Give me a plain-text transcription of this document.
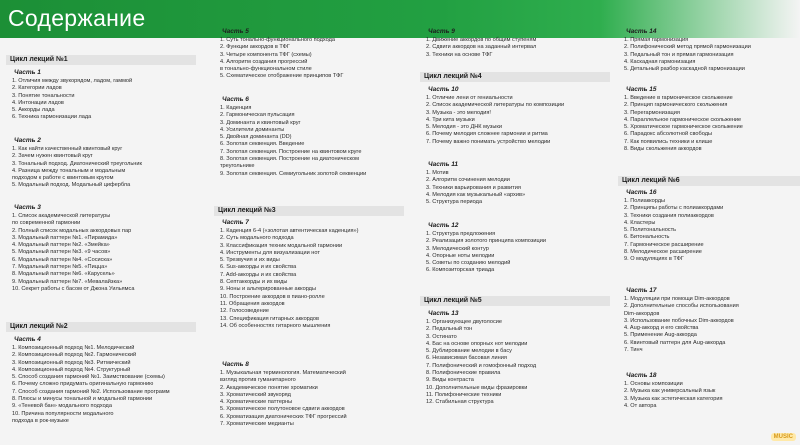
Содержание
Цикл лекций №1
Часть 1
1. Отличия между звукорядом, ладом, гаммой
2. Категории ладов
3. Понятие тональности
4. Интонации ладов
5. Аккорды лада
6. Техника гармонизации лада
Часть 2
1. Как найти качественный квинтовый круг
2. Зачем нужен квинтовый круг
3. Тональный подход. Диатонический треугольник
4. Разница между тональным и модальным
подходом к работе с квинтовым кругом
5. Модальный подход. Модальный цифербла
Часть 3
1. Список академической литературы
по современной гармонии
2. Полный список модальных аккордовых пар
3. Модальный паттерн №1. «Пирамида»
4. Модальный паттерн №2. «Змейка»
5. Модальный паттерн №3. «9 часов»
6. Модальный паттерн №4. «Сосиска»
7. Модальный паттерн №5. «Пицца»
8. Модальный паттерн №6. «Карусель»
9. Модальный паттерн №7. «Мевалайзка»
10. Секрет работы с басом от Джона Уильямса
Цикл лекций №2
Часть 4
1. Композиционный подход №1. Мелодический
2. Композиционный подход №2. Гармонический
3. Композиционный подход №3. Ритмический
4. Композиционный подход №4. Структурный
5. Способ создания гармоний №1. Заимствование (схемы)
6. Почему сложно придумать оригинальную гармонию
7. Способ создания гармоний №2. Использование программ
8. Плюсы и минусы тональной и модальной гармонии
9. «Теневой бан» модального подхода
10. Причина популярности модального
подхода в рок-музыке
Часть 5
1. Суть тонально-функционального подхода
2. Функции аккордов в ТФГ
3. Четыре компонента ТФГ (схемы)
4. Алгоритм создания прогрессий
в тонально-функциональном стиле
5. Схематическое отображение принципов ТФГ
Часть 6
1. Каденция
2. Гармоническая пульсация
3. Доминанта и квинтовый круг
4. Усилители доминанты
5. Двойная доминанта (DD)
6. Золотая секвенция. Введение
7. Золотая секвенция. Построение на квинтовом круге
8. Золотая секвенция. Построение на диатоническом
треугольнике
9. Золотая секвенция. Семиугольник золотой секвенции
Цикл лекций №3
Часть 7
1. Каденция 6-4 («золотая автентическая каденция»)
2. Суть модального подхода
3. Классификация техник модальной гармонии
4. Инструменты для визуализации нот
5. Трезвучия и их виды
6. Sus-аккорды и их свойства
7. Add-аккорды и их свойства
8. Септаккорды и их виды
9. Ноны и альтерированные аккорды
10. Построение аккордов в пиано-ролле
11. Обращения аккордов
12. Голосоведение
13. Спецификация гитарных аккордов
14. Об особенностях гитарного мышления
Часть 8
1. Музыкальная терминология. Математический
взгляд против гуманитарного
2. Академическое понятие хроматики
3. Хроматический звукоряд
4. Хроматические паттерны
5. Хроматическое полутоновое сдвиги аккордов
6. Хроматизация диатонических ТФГ прогрессий
7. Хроматические медианты
Часть 9
1. Движение аккордов по общим ступеням
2. Сдвиги аккордов на заданный интервал
3. Техники на основе ТФГ
Цикл лекций №4
Часть 10
1. Отличие лени от гениальности
2. Список академической литературы по композиции
3. Музыка - это мелодия!
4. Три кита музыки
5. Мелодия - это ДНК музыки
6. Почему мелодия сложнее гармонии и ритма
7. Почему важно понимать устройство мелодии
Часть 11
1. Мотив
2. Алгоритм сочинения мелодии
3. Техники варьирования и развития
4. Мелодия как музыкальный «архив»
5. Структура периода
Часть 12
1. Структура предложения
2. Реализация золотого принципа композиции
3. Мелодический контур
4. Опорные ноты мелодии
5. Советы по созданию мелодий
6. Композиторская триада
Цикл лекций №5
Часть 13
1. Организующее двуголосие
2. Педальный тон
3. Остинато
4. Бас на основе опорных нот мелодии
5. Дублирование мелодии в басу
6. Независимая басовая линия
7. Полифонический и гомофонный подход
8. Полифонические правила
9. Виды контраста
10. Дополнительные виды фразировки
11. Полифонические техники
12. Стабильная структура
Часть 14
1. Прямая гармонизация
2. Полифонический метод прямой гармонизации
3. Педальный тон и прямая гармонизация
4. Каскадная гармонизация
5. Детальный разбор каскадной гармонизации
Часть 15
1. Введение в гармоническое скольжение
2. Принцип гармонического скольжения
3. Перегармонизация
4. Параллельное гармоническое скольжение
5. Хроматическое гармоническое скольжение
6. Парадокс абсолютной свободы
7. Как появились техники и клише
8. Виды скольжения аккордов
Цикл лекций №6
Часть 16
1. Полиаккорды
2. Принципы работы с полиаккордами
3. Техники создания полиаккордов
4. Кластеры
5. Политональность
6. Битональность
7. Гармоническое расширение
8. Мелодическое расширение
9. О модуляциях в ТФГ
Часть 17
1. Модуляции при помощи Dim-аккордов
2. Дополнительные способы использования
Dim-аккордов
3. Использование побочных Dim-аккордов
4. Aug-аккорд и его свойства
5. Применение Aug-аккорда
6. Квинтовый паттерн для Aug-аккорда
7. Тинч
Часть 18
1. Основы композиции
2. Музыка как универсальный язык
3. Музыка как эстетическая категория
4. От автора
MUSIC
